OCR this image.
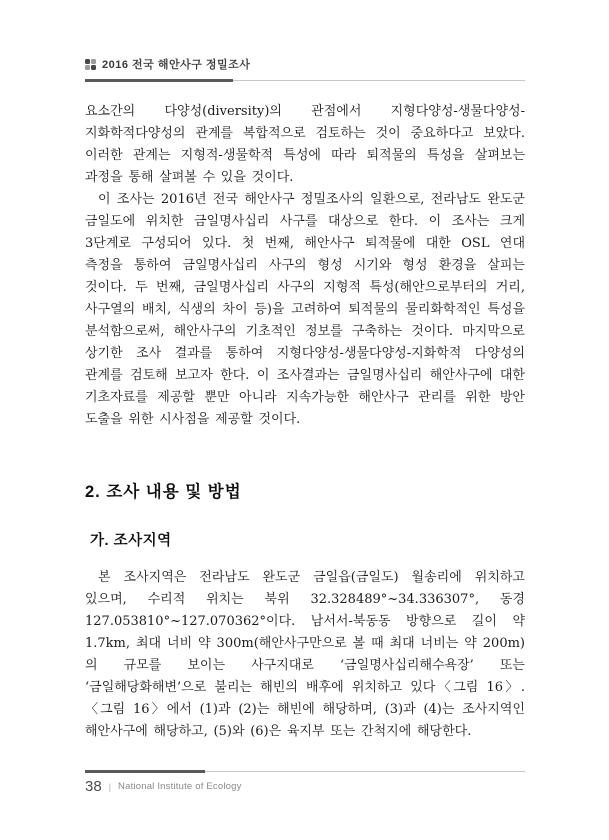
2016 전국 해안사구 정밀조사

요소간의 다양성(diversity)의 관점에서 지형다양성-생물다양성-지화학적다양성의 관계를 복합적으로 검토하는 것이 중요하다고 보았다. 이러한 관계는 지형적-생물학적 특성에 따라 퇴적물의 특성을 살펴보는 과정을 통해 살펴볼 수 있을 것이다.

이 조사는 2016년 전국 해안사구 정밀조사의 일환으로, 전라남도 완도군 금일도에 위치한 금일명사십리 사구를 대상으로 한다. 이 조사는 크게 3단계로 구성되어 있다. 첫 번째, 해안사구 퇴적물에 대한 OSL 연대 측정을 통하여 금일명사십리 사구의 형성 시기와 형성 환경을 살피는 것이다. 두 번째, 금일명사십리 사구의 지형적 특성(해안으로부터의 거리, 사구열의 배치, 식생의 차이 등)을 고려하여 퇴적물의 물리화학적인 특성을 분석함으로써, 해안사구의 기초적인 정보를 구축하는 것이다. 마지막으로 상기한 조사 결과를 통하여 지형다양성-생물다양성-지화학적 다양성의 관계를 검토해 보고자 한다. 이 조사결과는 금일명사십리 해안사구에 대한 기초자료를 제공할 뿐만 아니라 지속가능한 해안사구 관리를 위한 방안 도출을 위한 시사점을 제공할 것이다.

2. 조사 내용 및 방법
가. 조사지역

본 조사지역은 전라남도 완도군 금일읍(금일도) 월송리에 위치하고 있으며, 수리적 위치는 북위 32.328489°~34.336307°, 동경 127.053810°~127.070362°이다. 남서서-북동동 방향으로 길이 약 1.7km, 최대 너비 약 300m(해안사구만으로 볼 때 최대 너비는 약 200m)의 규모를 보이는 사구지대로 ‘금일명사십리해수욕장’ 또는 ‘금일해당화해변’으로 불리는 해빈의 배후에 위치하고 있다〈그림 16〉. 〈그림 16〉에서 (1)과 (2)는 해빈에 해당하며, (3)과 (4)는 조사지역인 해안사구에 해당하고, (5)와 (6)은 육지부 또는 간척지에 해당한다.

38 | National Institute of Ecology
